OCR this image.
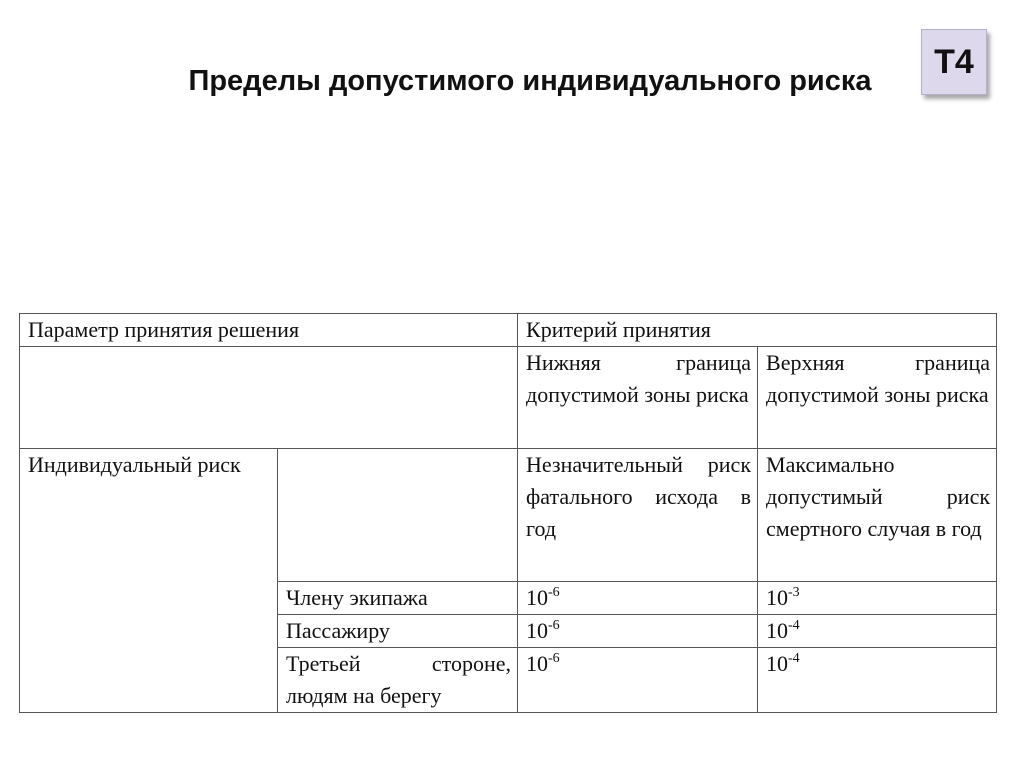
Пределы допустимого индивидуального риска
Т4
Параметр принятия решения		Критерий принятия	
		Нижняя граница допустимой зоны риска	Верхняя граница допустимой зоны риска
Индивидуальный риск		Незначительный риск фатального исхода в год	Максимально допустимый риск смертного случая в год
	Члену экипажа	$10^{-6}$	$10^{-3}$
	Пассажиру	$10^{-6}$	$10^{-4}$
	Третьей стороне, людям на берегу	$10^{-6}$	$10^{-4}$
